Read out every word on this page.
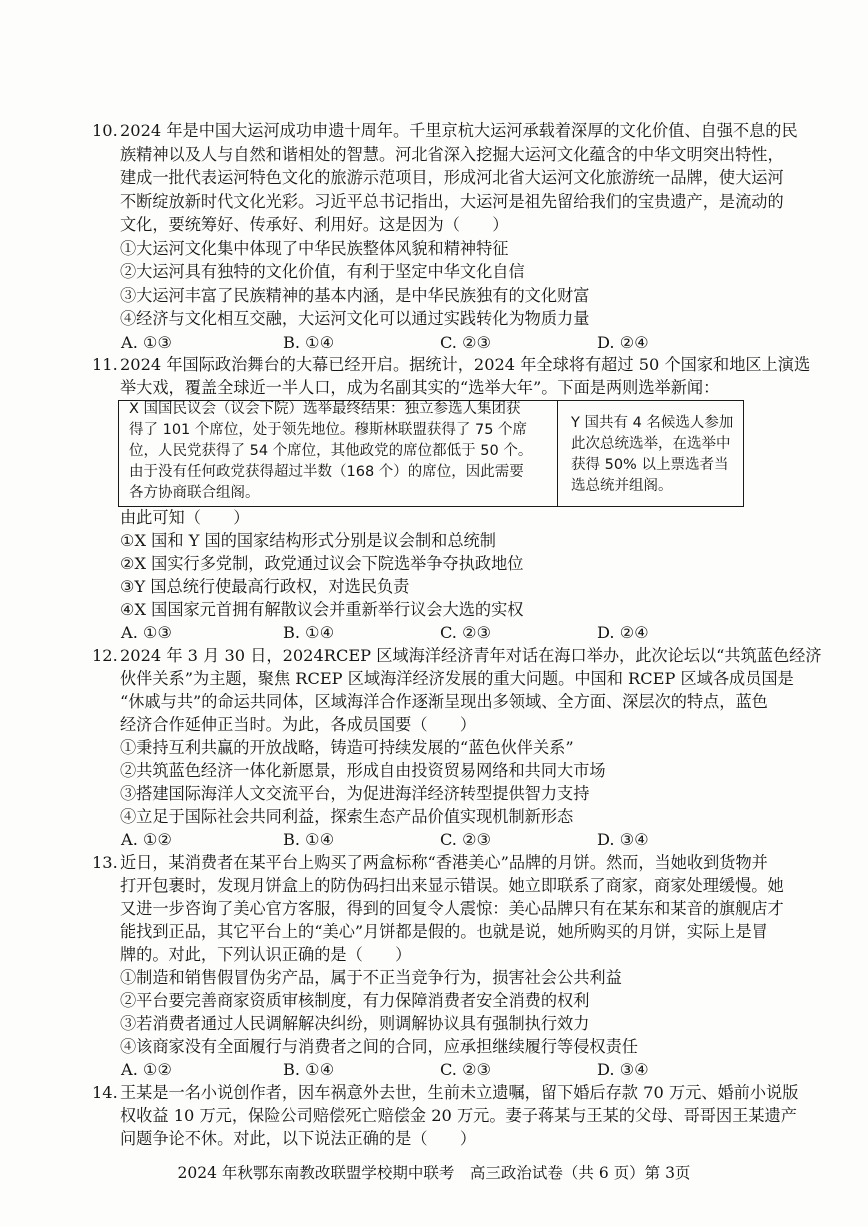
10. 2024 年是中国大运河成功申遗十周年。千里京杭大运河承载着深厚的文化价值、自强不息的民
族精神以及人与自然和谐相处的智慧。河北省深入挖掘大运河文化蕴含的中华文明突出特性，
建成一批代表运河特色文化的旅游示范项目，形成河北省大运河文化旅游统一品牌，使大运河
不断绽放新时代文化光彩。习近平总书记指出，大运河是祖先留给我们的宝贵遗产，是流动的
文化，要统筹好、传承好、利用好。这是因为（　　）
①大运河文化集中体现了中华民族整体风貌和精神特征
②大运河具有独特的文化价值，有利于坚定中华文化自信
③大运河丰富了民族精神的基本内涵，是中华民族独有的文化财富
④经济与文化相互交融，大运河文化可以通过实践转化为物质力量
A. ①③	B. ①④	C. ②③	D. ②④
11. 2024 年国际政治舞台的大幕已经开启。据统计，2024 年全球将有超过 50 个国家和地区上演选
举大戏，覆盖全球近一半人口，成为名副其实的“选举大年”。下面是两则选举新闻：
X 国国民议会（议会下院）选举最终结果：独立参选人集团获
得了 101 个席位，处于领先地位。穆斯林联盟获得了 75 个席
位，人民党获得了 54 个席位，其他政党的席位都低于 50 个。
由于没有任何政党获得超过半数（168 个）的席位，因此需要
各方协商联合组阁。
Y 国共有 4 名候选人参加
此次总统选举，在选举中
获得 50% 以上票选者当
选总统并组阁。
由此可知（　　）
①X 国和 Y 国的国家结构形式分别是议会制和总统制
②X 国实行多党制，政党通过议会下院选举争夺执政地位
③Y 国总统行使最高行政权，对选民负责
④X 国国家元首拥有解散议会并重新举行议会大选的实权
A. ①③	B. ①④	C. ②③	D. ②④
12. 2024 年 3 月 30 日，2024RCEP 区域海洋经济青年对话在海口举办，此次论坛以“共筑蓝色经济
伙伴关系”为主题，聚焦 RCEP 区域海洋经济发展的重大问题。中国和 RCEP 区域各成员国是
“休戚与共”的命运共同体，区域海洋合作逐渐呈现出多领域、全方面、深层次的特点，蓝色
经济合作延伸正当时。为此，各成员国要（　　）
①秉持互利共赢的开放战略，铸造可持续发展的“蓝色伙伴关系”
②共筑蓝色经济一体化新愿景，形成自由投资贸易网络和共同大市场
③搭建国际海洋人文交流平台，为促进海洋经济转型提供智力支持
④立足于国际社会共同利益，探索生态产品价值实现机制新形态
A. ①②	B. ①④	C. ②③	D. ③④
13. 近日，某消费者在某平台上购买了两盒标称“香港美心”品牌的月饼。然而，当她收到货物并
打开包裹时，发现月饼盒上的防伪码扫出来显示错误。她立即联系了商家，商家处理缓慢。她
又进一步咨询了美心官方客服，得到的回复令人震惊：美心品牌只有在某东和某音的旗舰店才
能找到正品，其它平台上的“美心”月饼都是假的。也就是说，她所购买的月饼，实际上是冒
牌的。对此，下列认识正确的是（　　）
①制造和销售假冒伪劣产品，属于不正当竞争行为，损害社会公共利益
②平台要完善商家资质审核制度，有力保障消费者安全消费的权利
③若消费者通过人民调解解决纠纷，则调解协议具有强制执行效力
④该商家没有全面履行与消费者之间的合同，应承担继续履行等侵权责任
A. ①②	B. ①④	C. ②③	D. ③④
14. 王某是一名小说创作者，因车祸意外去世，生前未立遗嘱，留下婚后存款 70 万元、婚前小说版
权收益 10 万元，保险公司赔偿死亡赔偿金 20 万元。妻子蒋某与王某的父母、哥哥因王某遗产
问题争论不休。对此，以下说法正确的是（　　）
2024 年秋鄂东南教改联盟学校期中联考　高三政治试卷（共 6 页）第 3页
